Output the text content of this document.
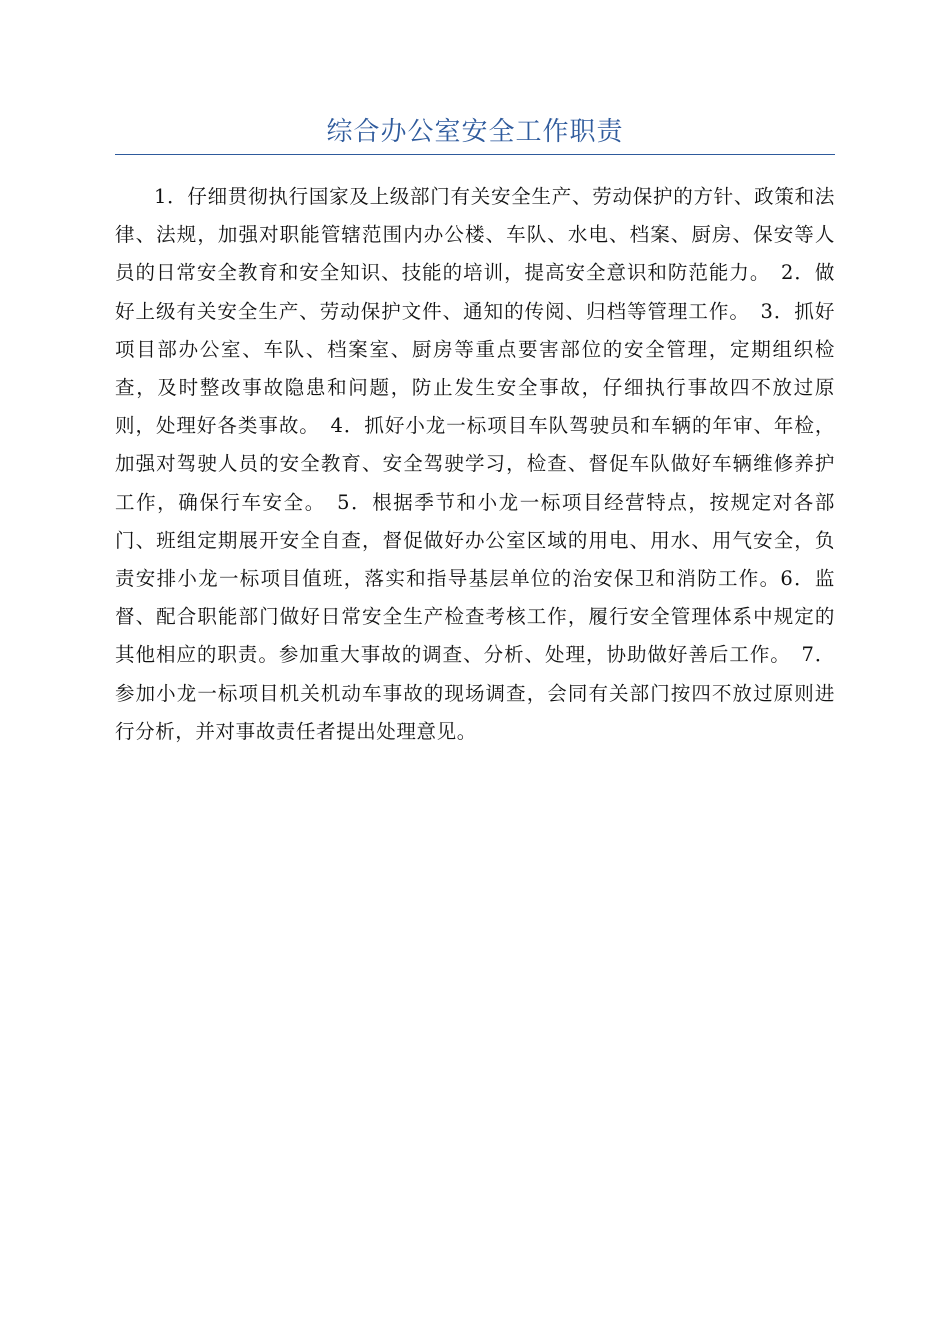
综合办公室安全工作职责

1．仔细贯彻执行国家及上级部门有关安全生产、劳动保护的方针、政策和法律、法规，加强对职能管辖范围内办公楼、车队、水电、档案、厨房、保安等人员的日常安全教育和安全知识、技能的培训，提高安全意识和防范能力。　2．做好上级有关安全生产、劳动保护文件、通知的传阅、归档等管理工作。　3．抓好项目部办公室、车队、档案室、厨房等重点要害部位的安全管理，定期组织检查，及时整改事故隐患和问题，防止发生安全事故，仔细执行事故四不放过原则，处理好各类事故。　4．抓好小龙一标项目车队驾驶员和车辆的年审、年检，加强对驾驶人员的安全教育、安全驾驶学习，检查、督促车队做好车辆维修养护工作，确保行车安全。　5．根据季节和小龙一标项目经营特点，按规定对各部门、班组定期展开安全自查，督促做好办公室区域的用电、用水、用气安全，负责安排小龙一标项目值班，落实和指导基层单位的治安保卫和消防工作。6．监督、配合职能部门做好日常安全生产检查考核工作，履行安全管理体系中规定的其他相应的职责。参加重大事故的调查、分析、处理，协助做好善后工作。　7．参加小龙一标项目机关机动车事故的现场调查，会同有关部门按四不放过原则进行分析，并对事故责任者提出处理意见。
